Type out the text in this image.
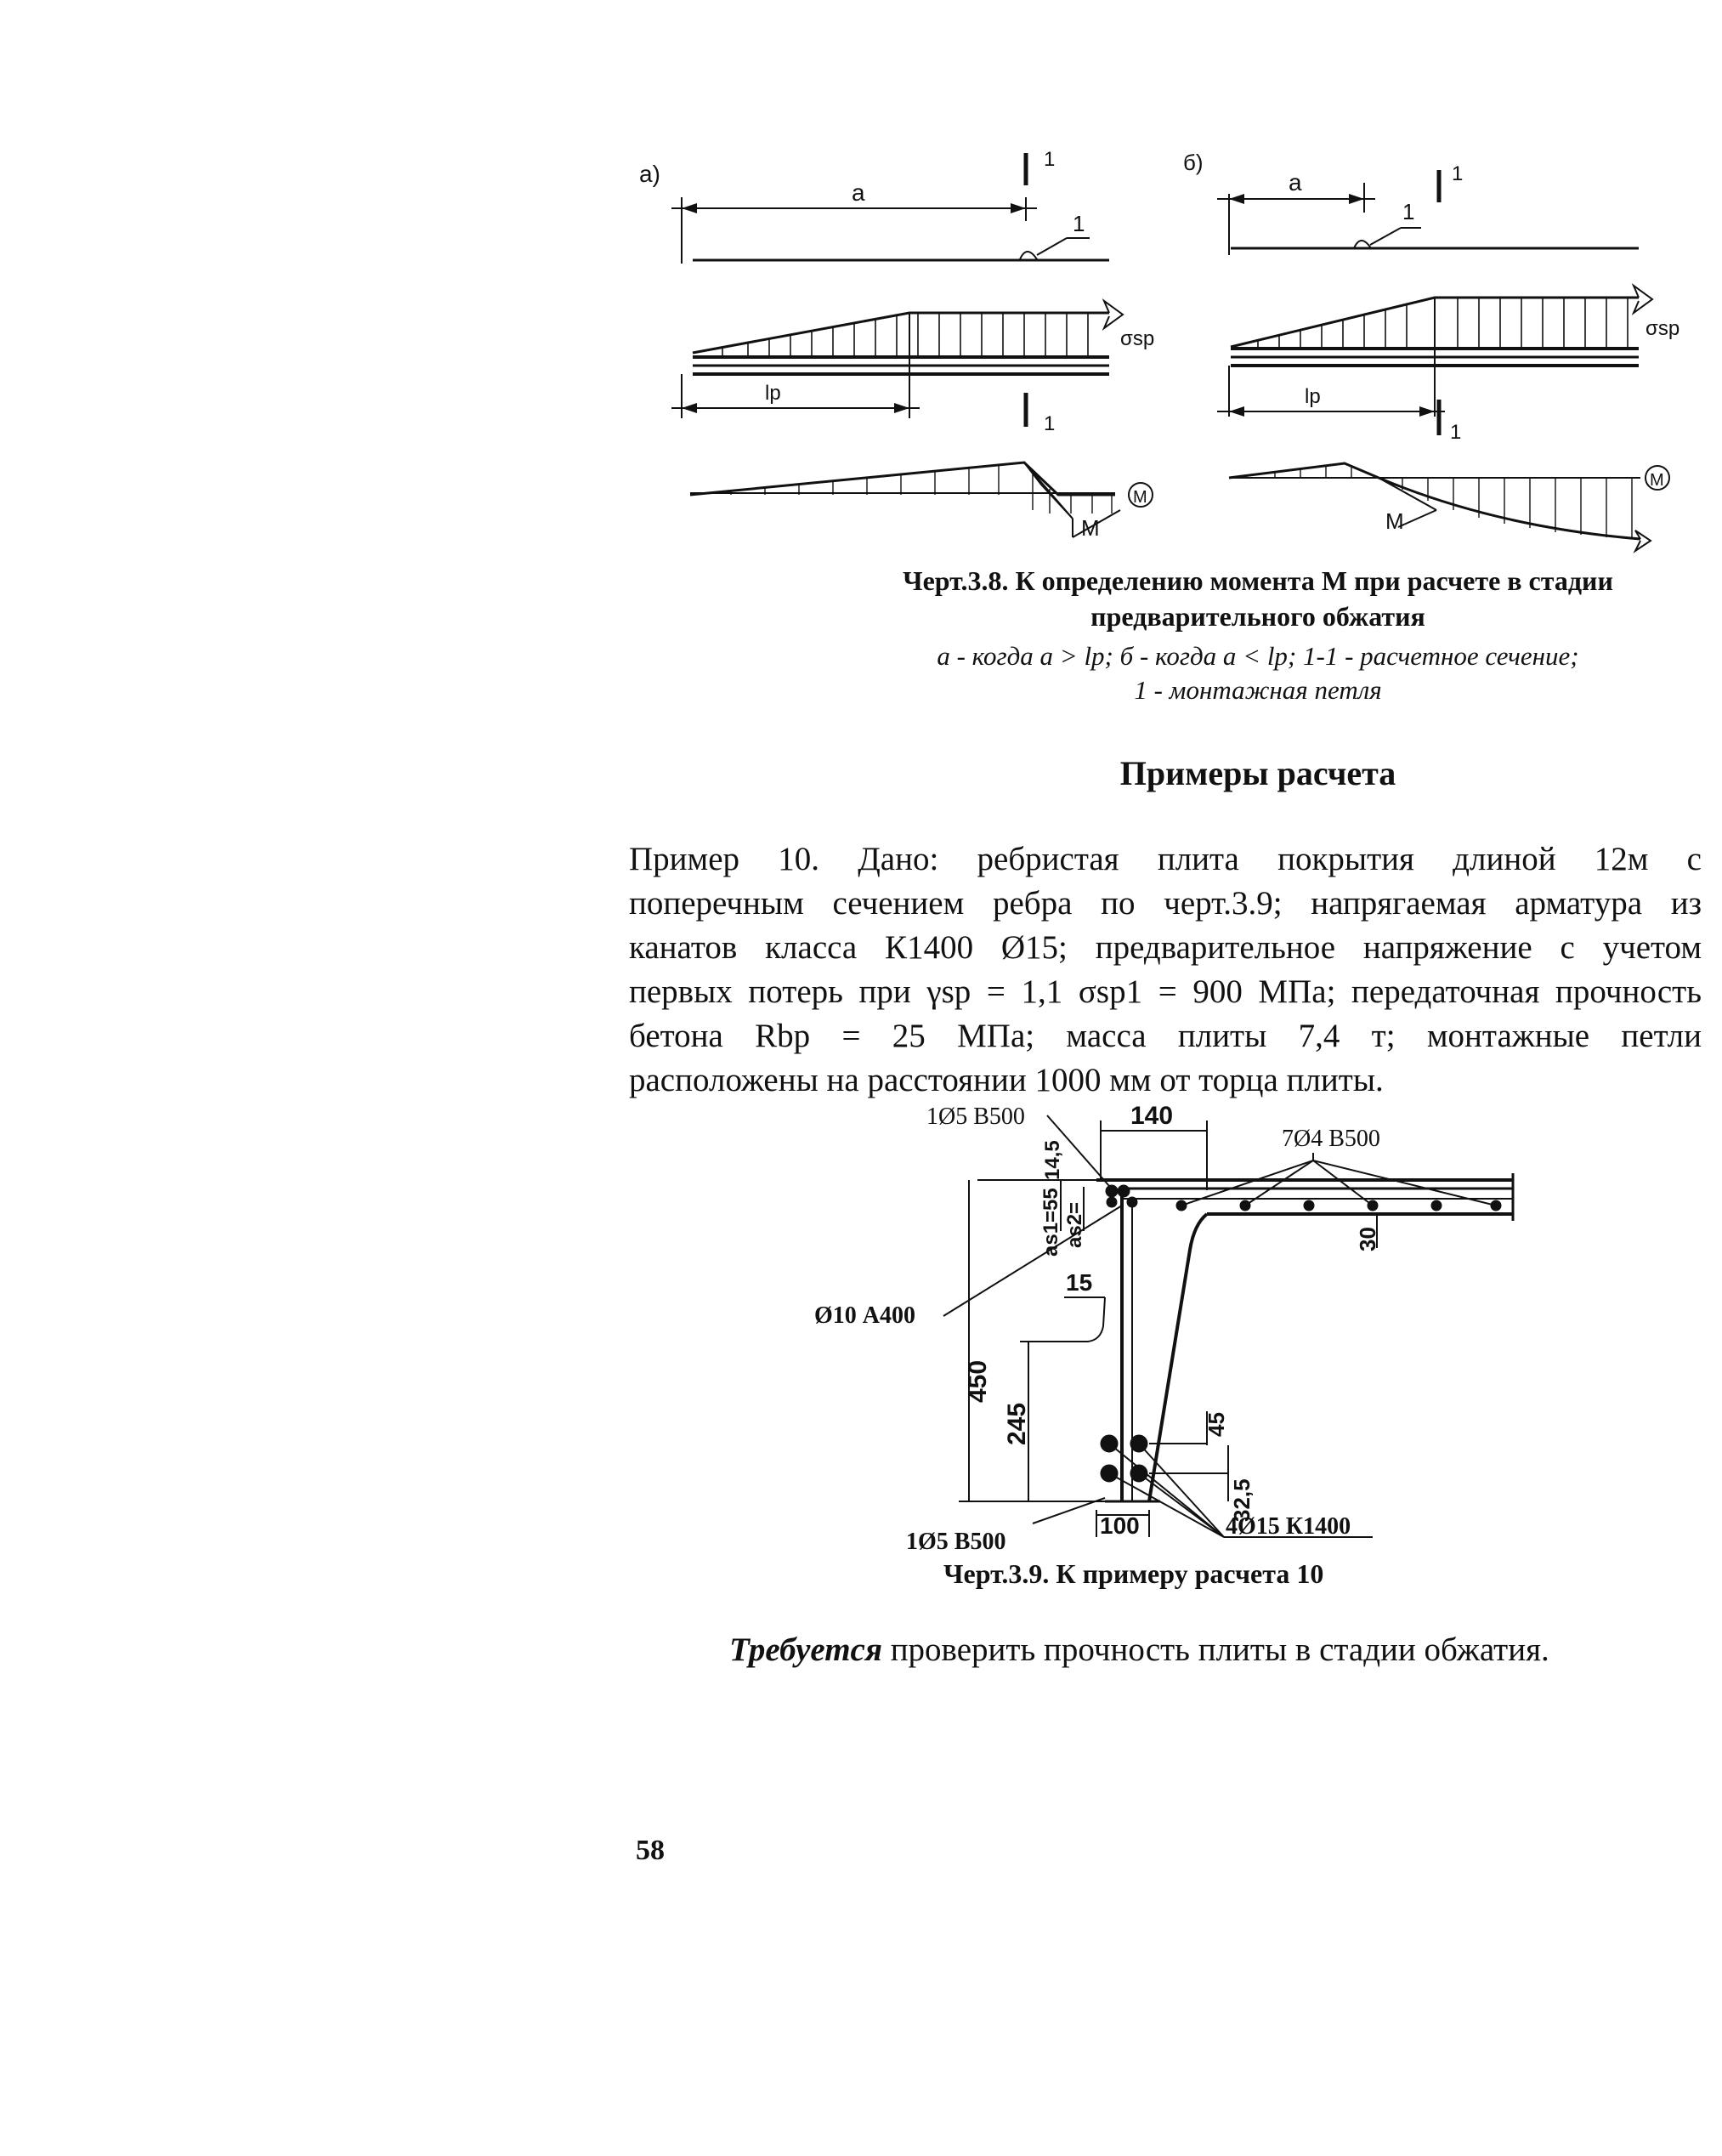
а)
1
a
1
σsp
lp
1
M
M
б)	1
a
1
σsp
lp
1
M
M
Черт.3.8. К определению момента М при расчете в стадии
предварительного обжатия
а - когда а > lp; б - когда а < lp; 1-1 - расчетное сечение;
1 - монтажная петля
Примеры расчета
Пример 10. Дано: ребристая плита покрытия длиной 12м с
поперечным сечением ребра по черт.3.9; напрягаемая арматура из
канатов класса К1400 Ø15; предварительное напряжение с учетом
первых потерь при γsp = 1,1 σsp1 = 900 МПа; передаточная прочность
бетона Rbp = 25 МПа; масса плиты 7,4 т; монтажные петли
расположены на расстоянии 1000 мм от торца плиты.
7Ø4 В500
1Ø5 В500	140
as1=55 as2=
14,5
30
Ø10 А400
15
450
245	45
32,5
100
1Ø5 В500
4Ø15 К1400
Черт.3.9. К примеру расчета 10
Требуется проверить прочность плиты в стадии обжатия.
58
